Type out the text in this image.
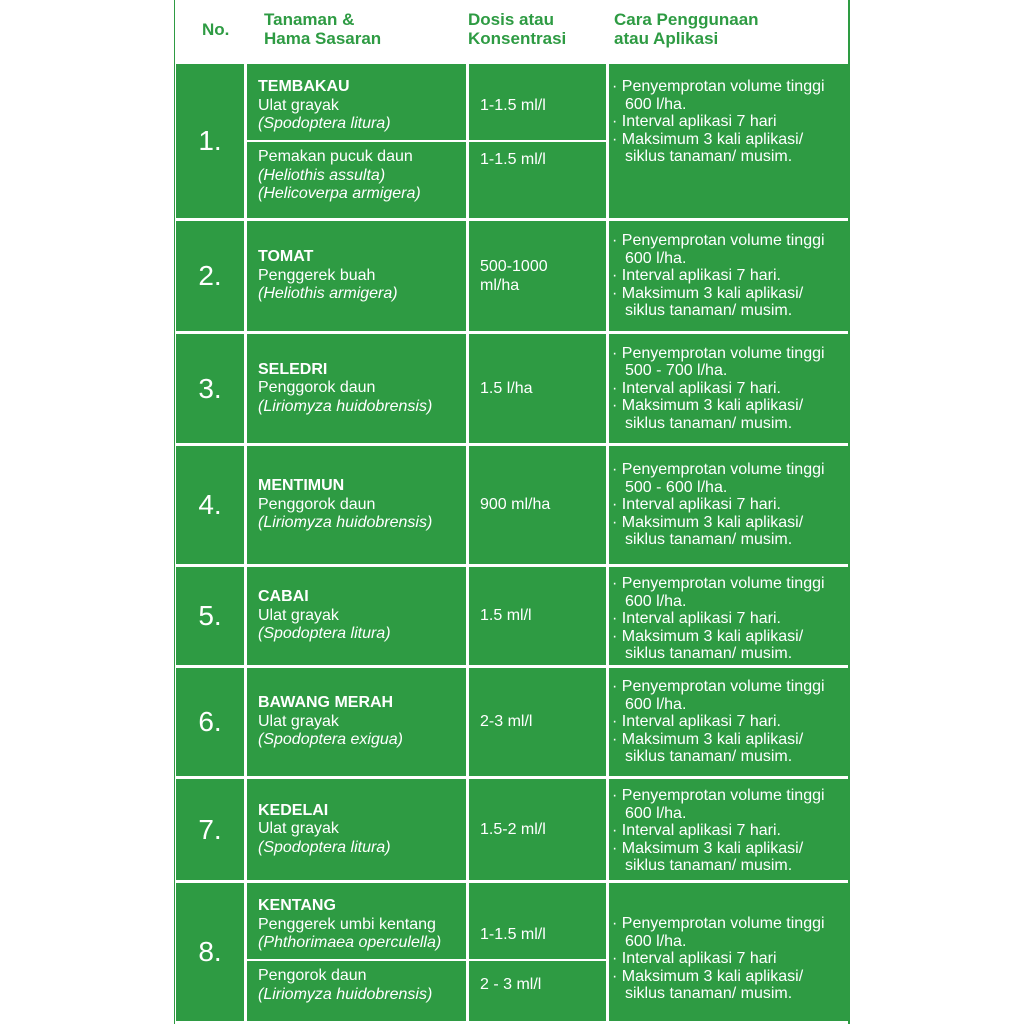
No.
Tanaman &
Hama Sasaran
Dosis atau
Konsentrasi
Cara Penggunaan
atau Aplikasi
1.
TEMBAKAU
Ulat grayak
(Spodoptera litura)
1-1.5 ml/l
Pemakan pucuk daun
(Heliothis assulta)
(Helicoverpa armigera)
1-1.5 ml/l
· Penyemprotan volume tinggi 600 l/ha.
· Interval aplikasi 7 hari
· Maksimum 3 kali aplikasi/ siklus tanaman/ musim.
2.
TOMAT
Penggerek buah
(Heliothis armigera)
500-1000
ml/ha
· Penyemprotan volume tinggi 600 l/ha.
· Interval aplikasi 7 hari.
· Maksimum 3 kali aplikasi/ siklus tanaman/ musim.
3.
SELEDRI
Penggorok daun
(Liriomyza huidobrensis)
1.5 l/ha
· Penyemprotan volume tinggi 500 - 700 l/ha.
· Interval aplikasi 7 hari.
· Maksimum 3 kali aplikasi/ siklus tanaman/ musim.
4.
MENTIMUN
Penggorok daun
(Liriomyza huidobrensis)
900 ml/ha
· Penyemprotan volume tinggi 500 - 600 l/ha.
· Interval aplikasi 7 hari.
· Maksimum 3 kali aplikasi/ siklus tanaman/ musim.
5.
CABAI
Ulat grayak
(Spodoptera litura)
1.5 ml/l
· Penyemprotan volume tinggi 600 l/ha.
· Interval aplikasi 7 hari.
· Maksimum 3 kali aplikasi/ siklus tanaman/ musim.
6.
BAWANG MERAH
Ulat grayak
(Spodoptera exigua)
2-3 ml/l
· Penyemprotan volume tinggi 600 l/ha.
· Interval aplikasi 7 hari.
· Maksimum 3 kali aplikasi/ siklus tanaman/ musim.
7.
KEDELAI
Ulat grayak
(Spodoptera litura)
1.5-2 ml/l
· Penyemprotan volume tinggi 600 l/ha.
· Interval aplikasi 7 hari.
· Maksimum 3 kali aplikasi/ siklus tanaman/ musim.
8.
KENTANG
Penggerek umbi kentang
(Phthorimaea operculella) 1-1.5 ml/l
Pengorok daun
(Liriomyza huidobrensis)
2 - 3 ml/l
· Penyemprotan volume tinggi 600 l/ha.
· Interval aplikasi 7 hari
· Maksimum 3 kali aplikasi/ siklus tanaman/ musim.
